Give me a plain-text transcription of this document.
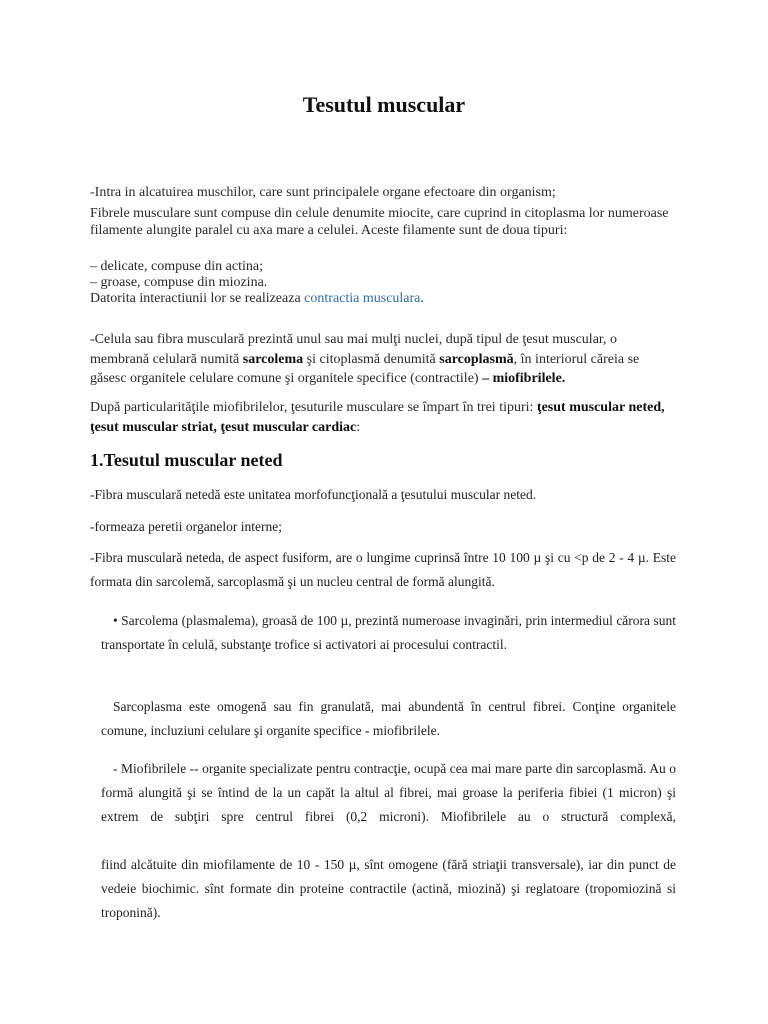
Tesutul muscular
-Intra in alcatuirea muschilor, care sunt principalele organe efectoare din organism;
Fibrele musculare sunt compuse din celule denumite miocite, care cuprind in citoplasma lor numeroase filamente alungite paralel cu axa mare a celulei. Aceste filamente sunt de doua tipuri:
– delicate, compuse din actina;
– groase, compuse din miozina.
Datorita interactiunii lor se realizeaza contractia musculara.
-Celula sau fibra musculară prezintă unul sau mai mulţi nuclei, după tipul de ţesut muscular, o membrană celulară numită sarcolema şi citoplasmă denumită sarcoplasmă, în interiorul căreia se găsesc organitele celulare comune şi organitele specifice (contractile) – miofibrilele.
După particularităţile miofibrilelor, ţesuturile musculare se împart în trei tipuri: ţesut muscular neted, ţesut muscular striat, ţesut muscular cardiac:
1.Tesutul muscular neted
-Fibra musculară netedă este unitatea morfofuncţională a ţesutului muscular neted.
-formeaza peretii organelor interne;
-Fibra musculară neteda, de aspect fusiform, are o lungime cuprinsă între 10 100 µ şi cu <p de 2 - 4 µ. Este formata din sarcolemă, sarcoplasmă şi un nucleu central de formă alungită.
• Sarcolema (plasmalema), groasă de 100 µ, prezintă numeroase invaginări, prin intermediul cărora sunt transportate în celulă, substanţe trofice si activatori ai procesului contractil.
Sarcoplasma este omogenă sau fin granulată, mai abundentă în centrul fibrei. Conţine organitele comune, incluziuni celulare şi organite specifice - miofibrilele.
- Miofibrilele -- organite specializate pentru contracţie, ocupă cea mai mare parte din sarcoplasmă. Au o formă alungită şi se întind de la un capăt la altul al fibrei, mai groase la periferia fibiei (1 micron) şi extrem de subţiri spre centrul fibrei (0,2 microni). Miofibrilele au o structură complexă,
fiind alcătuite din miofilamente de 10 - 150 µ, sînt omogene (fără striaţii transversale), iar din punct de vedeie biochimic. sînt formate din proteine contractile (actină, miozină) şi reglatoare (tropomiozină si troponină).
